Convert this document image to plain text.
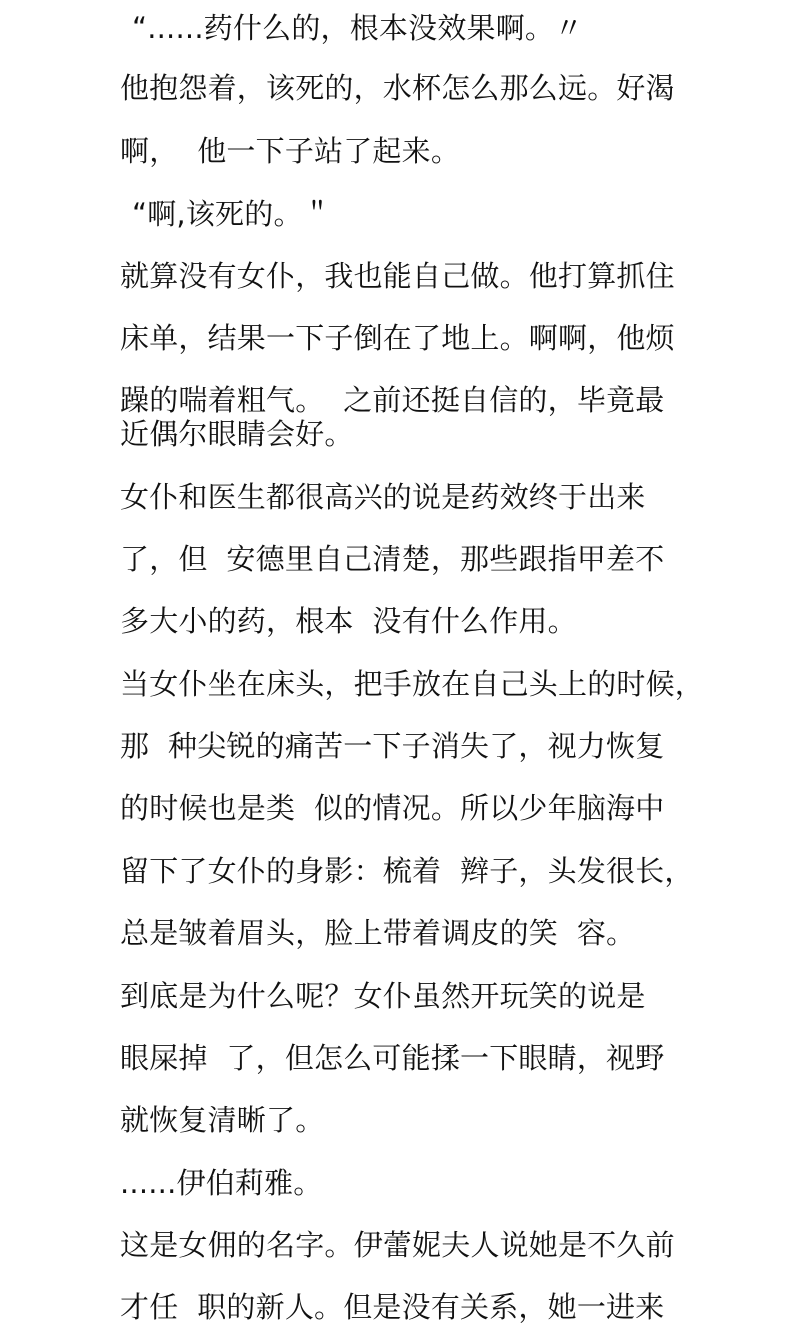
“......药什么的，根本没效果啊。〃
他抱怨着，该死的，水杯怎么那么远。好渴
啊，  他一下子站了起来。
“啊,该死的。＂
就算没有女仆，我也能自己做。他打算抓住
床单，结果一下子倒在了地上。啊啊，他烦
躁的喘着粗气。  之前还挺自信的，毕竟最
近偶尔眼睛会好。
女仆和医生都很高兴的说是药效终于出来
了，但  安德里自己清楚，那些跟指甲差不
多大小的药，根本  没有什么作用。
当女仆坐在床头，把手放在自己头上的时候，
那  种尖锐的痛苦一下子消失了，视力恢复
的时候也是类  似的情况。所以少年脑海中
留下了女仆的身影：梳着  辫子，头发很长，
总是皱着眉头，脸上带着调皮的笑  容。
到底是为什么呢？女仆虽然开玩笑的说是
眼屎掉  了，但怎么可能揉一下眼睛，视野
就恢复清晰了。
......伊伯莉雅。
这是女佣的名字。伊蕾妮夫人说她是不久前
才任  职的新人。但是没有关系，她一进来
